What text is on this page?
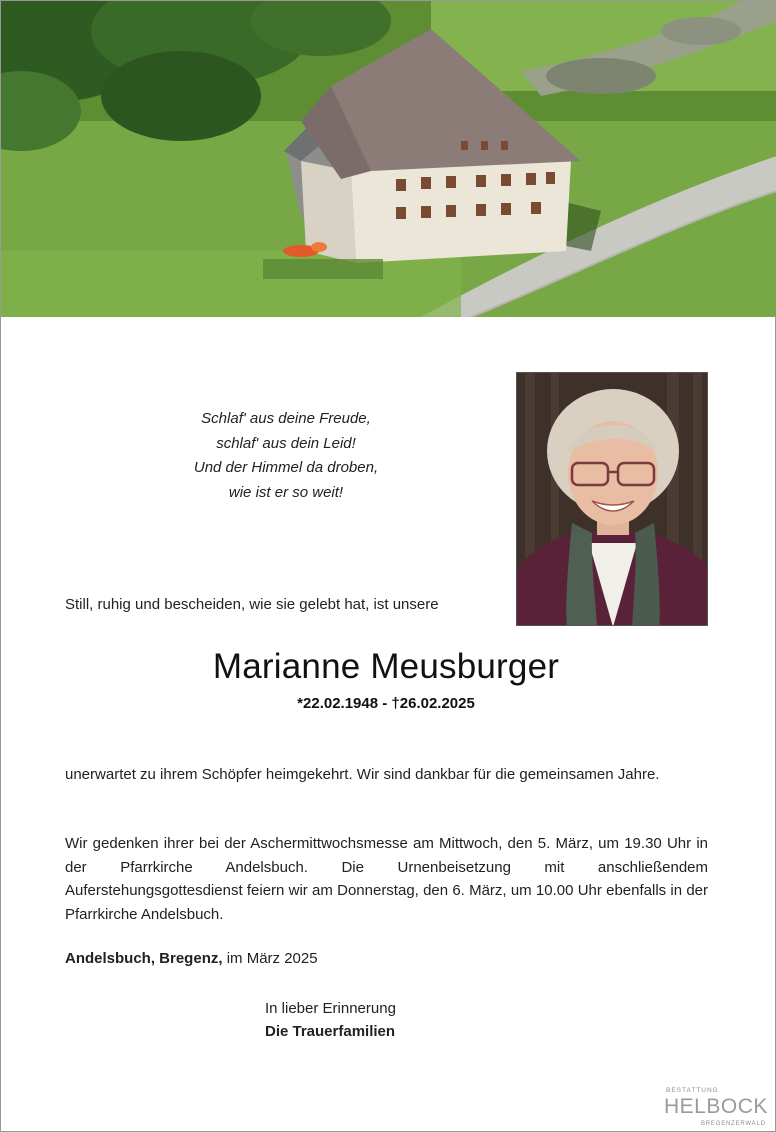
Schlaf' aus deine Freude,
schlaf' aus dein Leid!
Und der Himmel da droben,
wie ist er so weit!
Still, ruhig und bescheiden, wie sie gelebt hat, ist unsere
Marianne Meusburger
*22.02.1948 - †26.02.2025
unerwartet zu ihrem Schöpfer heimgekehrt. Wir sind dankbar für die gemeinsamen Jahre.
Wir gedenken ihrer bei der Aschermittwochsmesse am Mittwoch, den 5. März, um 19.30 Uhr in der Pfarrkirche Andelsbuch. Die Urnenbeisetzung mit anschließendem Auferstehungsgottesdienst feiern wir am Donnerstag, den 6. März, um 10.00 Uhr ebenfalls in der Pfarrkirche Andelsbuch.
Andelsbuch, Bregenz, im März 2025
In lieber Erinnerung
Die Trauerfamilien
BESTATTUNG
HELBOCK
BREGENZERWALD
